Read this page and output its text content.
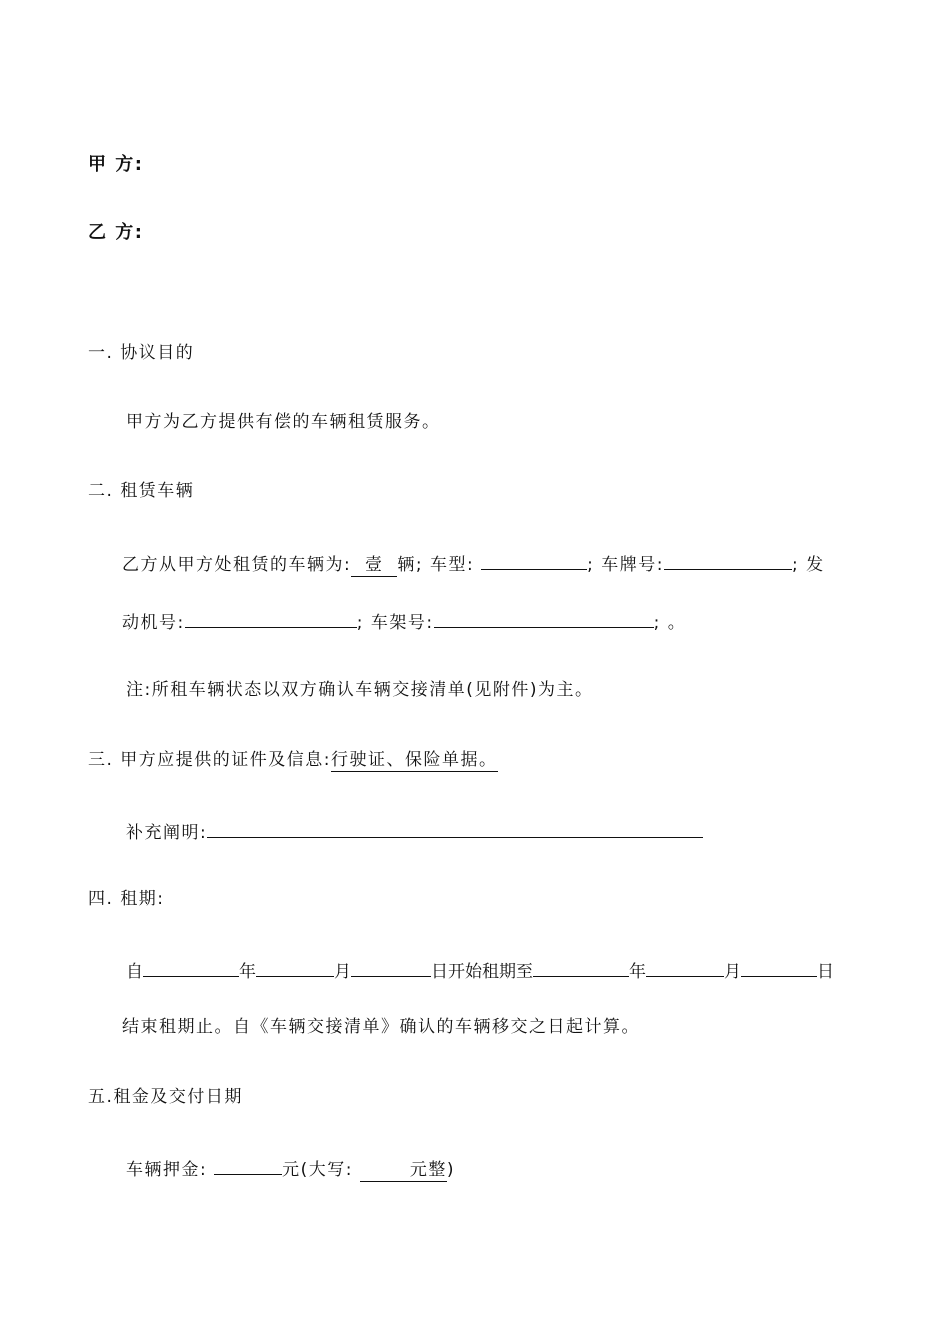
甲 方:
乙 方:
一. 协议目的
甲方为乙方提供有偿的车辆租赁服务。
二. 租赁车辆
乙方从甲方处租赁的车辆为: 壹 辆; 车型:	; 车牌号:	; 发
动机号:	; 车架号:	; 。
注:所租车辆状态以双方确认车辆交接清单(见附件)为主。
三. 甲方应提供的证件及信息:行驶证、保险单据。
补充阐明:
四. 租期:
自	年	月	日开始租期至	年	月	日
结束租期止。自《车辆交接清单》确认的车辆移交之日起计算。
五.租金及交付日期
车辆押金:	元(大写:	元整)
